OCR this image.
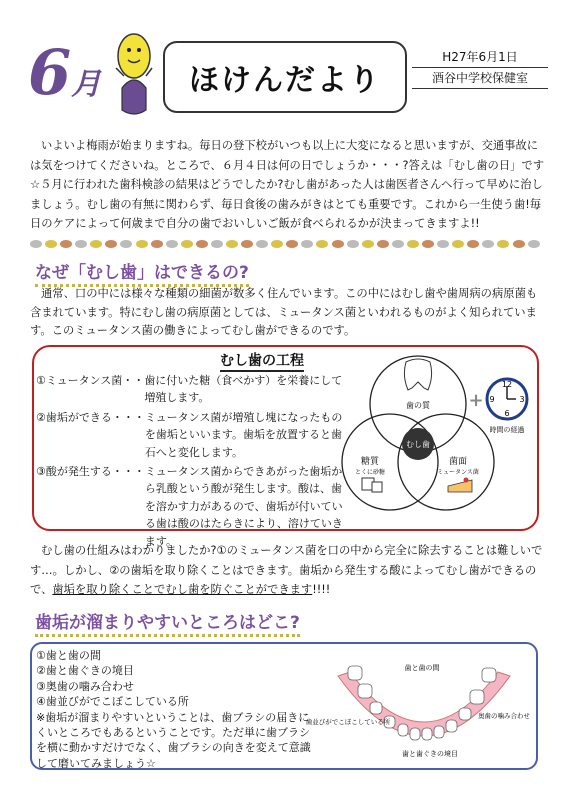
6月	ほけんだより
H27年6月1日
酒谷中学校保健室
いよいよ梅雨が始まりますね。毎日の登下校がいつも以上に大変になると思いますが、交通事故には気をつけてくださいね。ところで、６月４日は何の日でしょうか・・・?答えは「むし歯の日」です☆５月に行われた歯科検診の結果はどうでしたか?むし歯があった人は歯医者さんへ行って早めに治しましょう。むし歯の有無に関わらず、毎日食後の歯みがきはとても重要です。これから一生使う歯!毎日のケアによって何歳まで自分の歯でおいしいご飯が食べられるかが決まってきますよ!!
なぜ「むし歯」はできるの?
通常、口の中には様々な種類の細菌が数多く住んでいます。この中にはむし歯や歯周病の病原菌も含まれています。特にむし歯の病原菌としては、ミュータンス菌といわれるものがよく知られています。このミュータンス菌の働きによってむし歯ができるのです。
むし歯の工程
①ミュータンス菌・・ 歯に付いた糖（食べかす）を栄養にして増殖します。
②歯垢ができる・・・ ミュータンス菌が増殖し塊になったものを歯垢といいます。歯垢を放置すると歯石へと変化します。
③酸が発生する・・・ ミュータンス菌からできあがった歯垢から乳酸という酸が発生します。酸は、歯を溶かす力があるので、歯垢が付いている歯は酸のはたらきにより、溶けていきます。
歯の質
むし歯
糖質
とくに砂糖
菌面
ミュータンス菌
+
12
3
6
9
時間の経過
むし歯の仕組みはわかりましたか?①のミュータンス菌を口の中から完全に除去することは難しいです…。しかし、②の歯垢を取り除くことはできます。歯垢から発生する酸によってむし歯ができるので、歯垢を取り除くことでむし歯を防ぐことができます!!!!
歯垢が溜まりやすいところはどこ?
①歯と歯の間
②歯と歯ぐきの境目
③奥歯の噛み合わせ
④歯並びがでこぼこしている所
※歯垢が溜まりやすいということは、歯ブラシの届きにくいところでもあるということです。ただ単に歯ブラシを横に動かすだけでなく、歯ブラシの向きを変えて意識して磨いてみましょう☆
歯と歯の間
歯並びがでこぼこしている所
歯と歯ぐきの境目
奥歯の噛み合わせ
